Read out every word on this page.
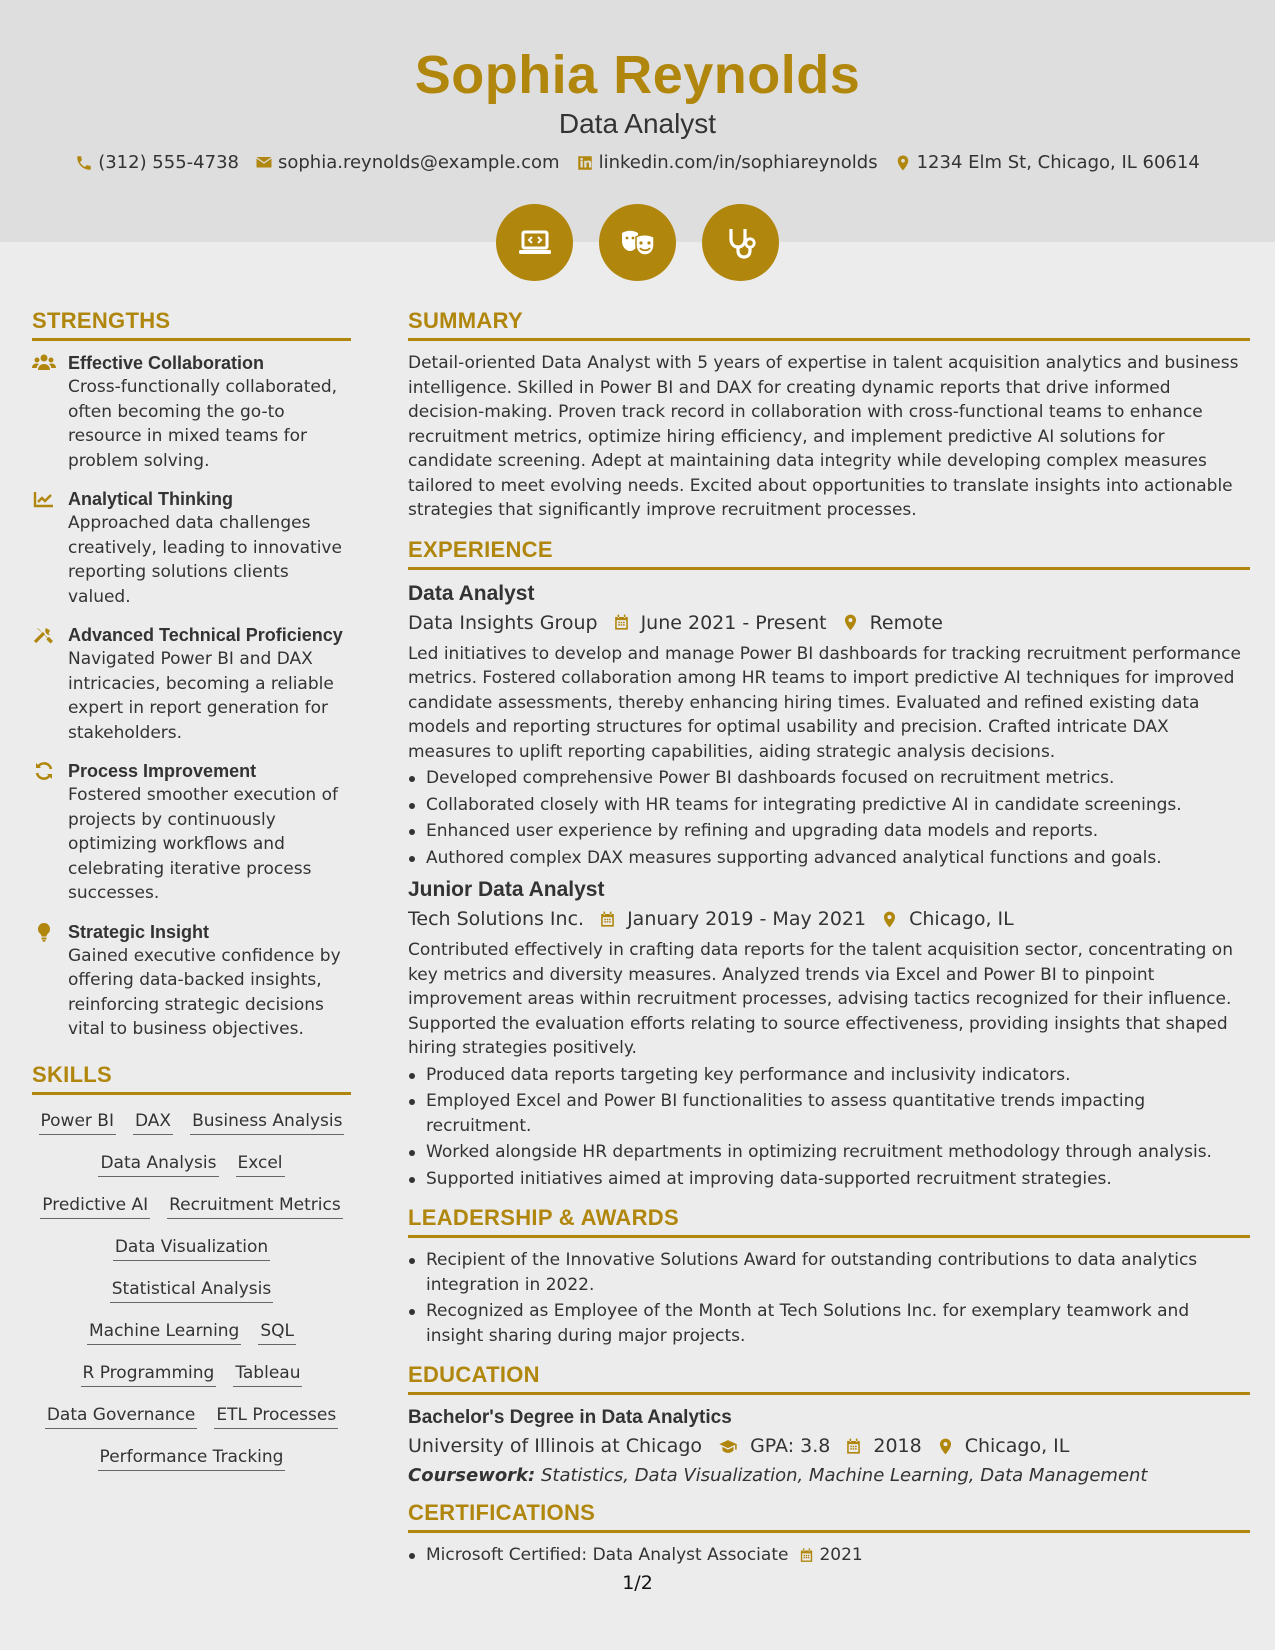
Sophia Reynolds
Data Analyst
(312) 555-4738 sophia.reynolds@example.com linkedin.com/in/sophiareynolds 1234 Elm St, Chicago, IL 60614
STRENGTHS
Effective Collaboration
Cross-functionally collaborated, often becoming the go-to resource in mixed teams for problem solving.
Analytical Thinking
Approached data challenges creatively, leading to innovative reporting solutions clients valued.
Advanced Technical Proficiency
Navigated Power BI and DAX intricacies, becoming a reliable expert in report generation for stakeholders.
Process Improvement
Fostered smoother execution of projects by continuously optimizing workflows and celebrating iterative process successes.
Strategic Insight
Gained executive confidence by offering data-backed insights, reinforcing strategic decisions vital to business objectives.
SKILLS
Power BI DAX Business Analysis
Data Analysis Excel
Predictive AI Recruitment Metrics
Data Visualization
Statistical Analysis
Machine Learning SQL
R Programming Tableau
Data Governance ETL Processes
Performance Tracking
SUMMARY
Detail-oriented Data Analyst with 5 years of expertise in talent acquisition analytics and business intelligence. Skilled in Power BI and DAX for creating dynamic reports that drive informed decision-making. Proven track record in collaboration with cross-functional teams to enhance recruitment metrics, optimize hiring efficiency, and implement predictive AI solutions for candidate screening. Adept at maintaining data integrity while developing complex measures tailored to meet evolving needs. Excited about opportunities to translate insights into actionable strategies that significantly improve recruitment processes.
EXPERIENCE
Data Analyst
Data Insights Group June 2021 - Present Remote
Led initiatives to develop and manage Power BI dashboards for tracking recruitment performance metrics. Fostered collaboration among HR teams to import predictive AI techniques for improved candidate assessments, thereby enhancing hiring times. Evaluated and refined existing data models and reporting structures for optimal usability and precision. Crafted intricate DAX measures to uplift reporting capabilities, aiding strategic analysis decisions.
Developed comprehensive Power BI dashboards focused on recruitment metrics.
Collaborated closely with HR teams for integrating predictive AI in candidate screenings.
Enhanced user experience by refining and upgrading data models and reports.
Authored complex DAX measures supporting advanced analytical functions and goals.
Junior Data Analyst
Tech Solutions Inc. January 2019 - May 2021 Chicago, IL
Contributed effectively in crafting data reports for the talent acquisition sector, concentrating on key metrics and diversity measures. Analyzed trends via Excel and Power BI to pinpoint improvement areas within recruitment processes, advising tactics recognized for their influence. Supported the evaluation efforts relating to source effectiveness, providing insights that shaped hiring strategies positively.
Produced data reports targeting key performance and inclusivity indicators.
Employed Excel and Power BI functionalities to assess quantitative trends impacting recruitment.
Worked alongside HR departments in optimizing recruitment methodology through analysis.
Supported initiatives aimed at improving data-supported recruitment strategies.
LEADERSHIP & AWARDS
Recipient of the Innovative Solutions Award for outstanding contributions to data analytics integration in 2022.
Recognized as Employee of the Month at Tech Solutions Inc. for exemplary teamwork and insight sharing during major projects.
EDUCATION
Bachelor's Degree in Data Analytics
University of Illinois at Chicago	GPA: 3.8 2018 Chicago, IL
Coursework: Statistics, Data Visualization, Machine Learning, Data Management
CERTIFICATIONS
Microsoft Certified: Data Analyst Associate 2021
1/2
